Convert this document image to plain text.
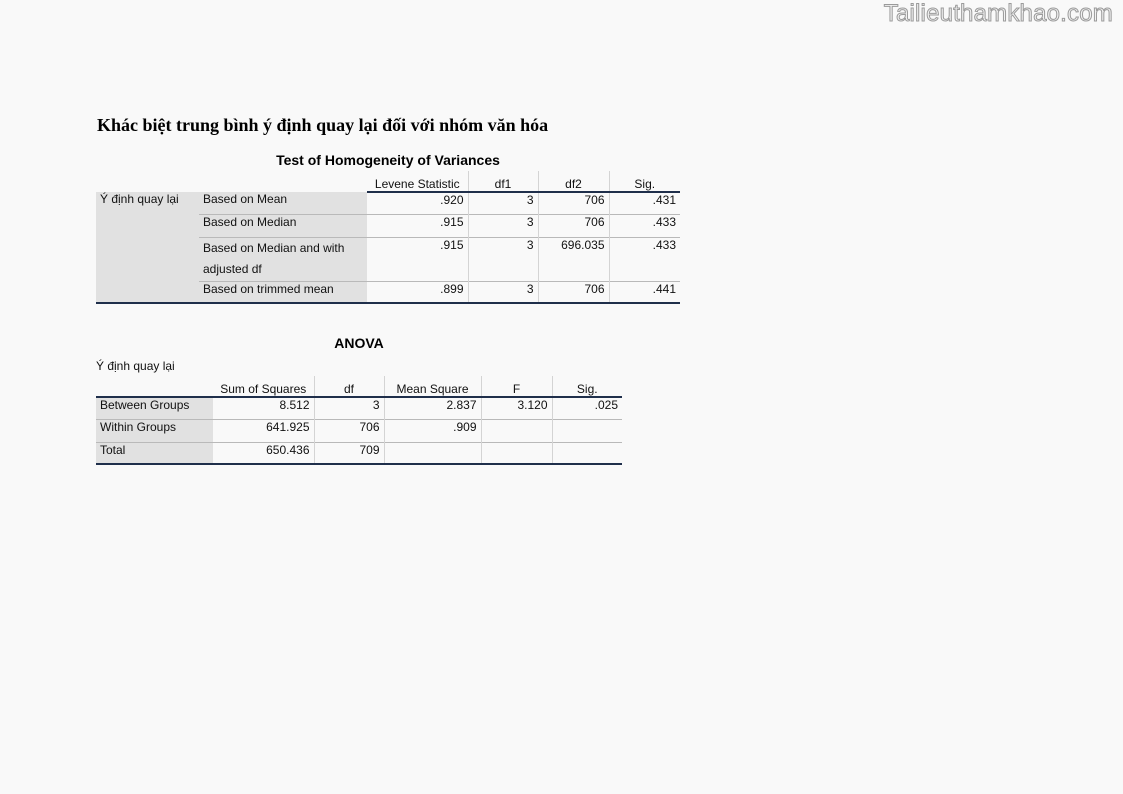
Tailieuthamkhao.com
Khác biệt trung bình ý định quay lại đối với nhóm văn hóa
Test of Homogeneity of Variances
		Levene Statistic	df1	df2	Sig.
Ý định quay lại	Based on Mean	.920	3	706	.431
	Based on Median	.915	3	706	.433
	Based on Median and with adjusted df	.915	3	696.035	.433
	Based on trimmed mean	.899	3	706	.441
ANOVA
Ý định quay lại
	Sum of Squares	df	Mean Square	F	Sig.
Between Groups	8.512	3	2.837	3.120	.025
Within Groups	641.925	706	.909		
Total	650.436	709			
